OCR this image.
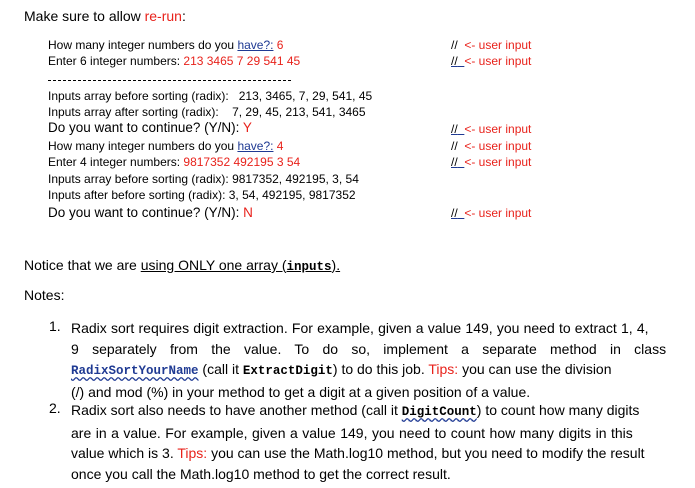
Make sure to allow re-run:
How many integer numbers do you have?: 6
Enter 6 integer numbers: 213 3465 7 29 541 45
Inputs array before sorting (radix):   213, 3465, 7, 29, 541, 45
Inputs array after sorting (radix):    7, 29, 45, 213, 541, 3465
Do you want to continue? (Y/N): Y
How many integer numbers do you have?: 4
Enter 4 integer numbers: 9817352 492195 3 54
Inputs array before sorting (radix): 9817352, 492195, 3, 54
Inputs after before sorting (radix): 3, 54, 492195, 9817352
Do you want to continue? (Y/N): N
// <- user input
// <- user input
// <- user input
// <- user input
// <- user input
// <- user input
Notice that we are using ONLY one array (inputs).
Notes:
1. Radix sort requires digit extraction. For example, given a value 149, you need to extract 1, 4,
9 separately from the value. To do so, implement a separate method in class
RadixSortYourName (call it ExtractDigit) to do this job. Tips: you can use the division
(/) and mod (%) in your method to get a digit at a given position of a value.
2. Radix sort also needs to have another method (call it DigitCount) to count how many digits
are in a value. For example, given a value 149, you need to count how many digits in this
value which is 3. Tips: you can use the Math.log10 method, but you need to modify the result
once you call the Math.log10 method to get the correct result.
